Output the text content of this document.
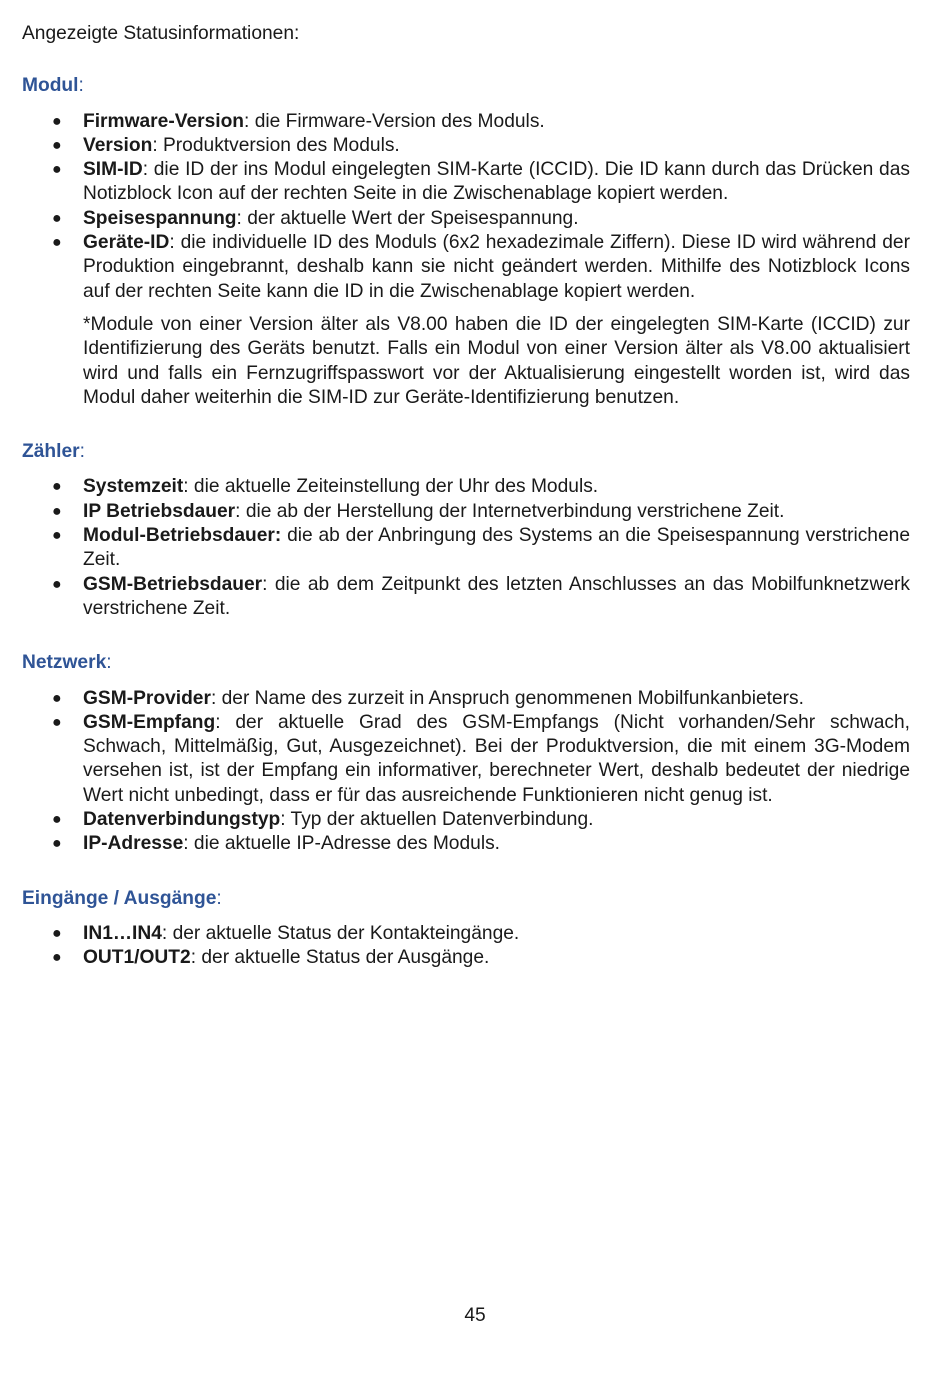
Angezeigte Statusinformationen:

Modul:
● Firmware-Version: die Firmware-Version des Moduls.
● Version: Produktversion des Moduls.
● SIM-ID: die ID der ins Modul eingelegten SIM-Karte (ICCID). Die ID kann durch das Drücken das Notizblock Icon auf der rechten Seite in die Zwischenablage kopiert werden.
● Speisespannung: der aktuelle Wert der Speisespannung.
● Geräte-ID: die individuelle ID des Moduls (6x2 hexadezimale Ziffern). Diese ID wird während der Produktion eingebrannt, deshalb kann sie nicht geändert werden. Mithilfe des Notizblock Icons auf der rechten Seite kann die ID in die Zwischenablage kopiert werden.

*Module von einer Version älter als V8.00 haben die ID der eingelegten SIM-Karte (ICCID) zur Identifizierung des Geräts benutzt. Falls ein Modul von einer Version älter als V8.00 aktualisiert wird und falls ein Fernzugriffspasswort vor der Aktualisierung eingestellt worden ist, wird das Modul daher weiterhin die SIM-ID zur Geräte-Identifizierung benutzen.

Zähler:
● Systemzeit: die aktuelle Zeiteinstellung der Uhr des Moduls.
● IP Betriebsdauer: die ab der Herstellung der Internetverbindung verstrichene Zeit.
● Modul-Betriebsdauer: die ab der Anbringung des Systems an die Speisespannung verstrichene Zeit.
● GSM-Betriebsdauer: die ab dem Zeitpunkt des letzten Anschlusses an das Mobilfunknetzwerk verstrichene Zeit.
Netzwerk:
● GSM-Provider: der Name des zurzeit in Anspruch genommenen Mobilfunkanbieters.
● GSM-Empfang: der aktuelle Grad des GSM-Empfangs (Nicht vorhanden/Sehr schwach, Schwach, Mittelmäßig, Gut, Ausgezeichnet). Bei der Produktversion, die mit einem 3G-Modem versehen ist, ist der Empfang ein informativer, berechneter Wert, deshalb bedeutet der niedrige Wert nicht unbedingt, dass er für das ausreichende Funktionieren nicht genug ist.
● Datenverbindungstyp: Typ der aktuellen Datenverbindung.
● IP-Adresse: die aktuelle IP-Adresse des Moduls.
Eingänge / Ausgänge:
● IN1…IN4: der aktuelle Status der Kontakteingänge.
● OUT1/OUT2: der aktuelle Status der Ausgänge.
45
